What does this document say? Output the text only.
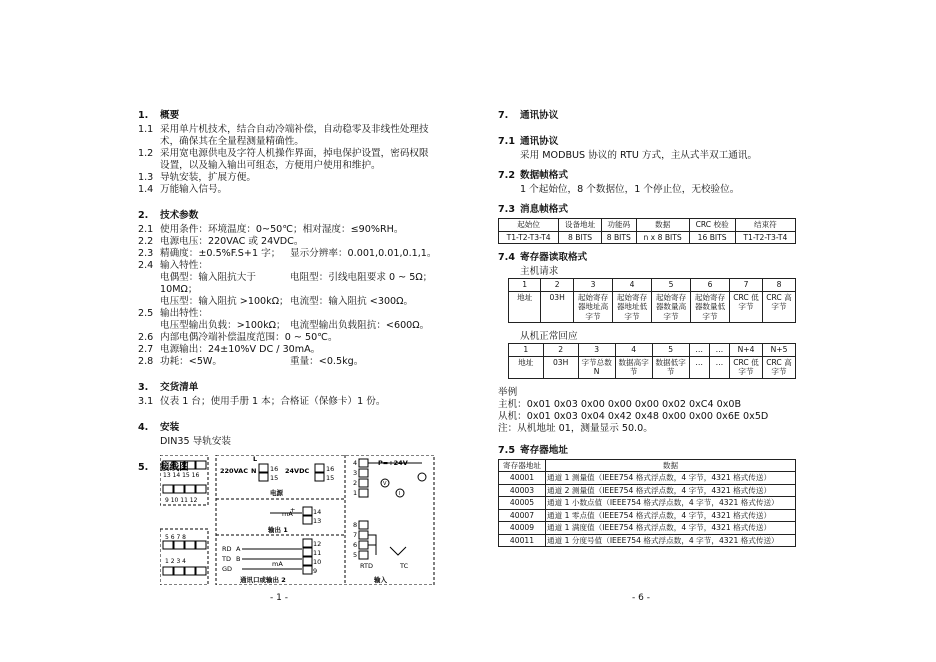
1. 概要
1.1 采用单片机技术，结合自动冷端补偿，自动稳零及非线性处理技术，确保其在全量程测量精确性。
1.2 采用宽电源供电及字符人机操作界面，掉电保护设置，密码权限设置，以及输入输出可组态，方便用户使用和维护。
1.3 导轨安装，扩展方便。
1.4 万能输入信号。
2. 技术参数
2.1 使用条件：环境温度：0~50℃；相对湿度：≤90%RH。
2.2 电源电压：220VAC 或 24VDC。
2.3 精确度：±0.5%F.S+1 字；	显示分辨率：0.001,0.01,0.1,1。
2.4 输入特性：
电偶型：输入阻抗大于 10MΩ；
电阻型：引线电阻要求 0 ~ 5Ω；
电压型：输入阻抗 >100kΩ； 电流型：输入阻抗 <300Ω。
2.5 输出特性：
电压型输出负载：>100kΩ； 电流型输出负载阻抗：<600Ω。
2.6 内部电偶冷端补偿温度范围：0 ~ 50℃。
2.7 电源输出：24±10%V DC / 30mA。
2.8 功耗：<5W。	重量：<0.5kg。
3. 交货清单
3.1 仪表 1 台；使用手册 1 本；合格证（保修卡）1 份。
4. 安装
DIN35 导轨安装
5. 接线图
13 14 15 16
9 10 11 12
5 6 7 8
1 2 3 4
L
220VAC N 16
15
24VDC	16
15
电源
mA
+	14
13
输出 1
RD
TD
GD
A
B
mA
12
11
10
9
通讯口或输出 2
4
3
2
1
P=+24V
V
I
8
7
6
5
RTD	TC
输入
- 1 -
7. 通讯协议
7.1 通讯协议
采用 MODBUS 协议的 RTU 方式，主从式半双工通讯。
7.2 数据帧格式
1 个起始位，8 个数据位，1 个停止位，无校验位。
7.3 消息帧格式
起始位	设备地址	功能码	数据	CRC 校验	结束符
T1-T2-T3-T4	8 BITS	8 BITS	n x 8 BITS	16 BITS	T1-T2-T3-T4
7.4 寄存器读取格式
主机请求
1	2	3	4	5	6	7	8
地址	03H	起始寄存器地址高字节	起始寄存器地址低字节	起始寄存器数量高字节	起始寄存器数量低字节	CRC 低字节	CRC 高字节
从机正常回应
1	2	3	4	5	…	…	N+4	N+5
地址	03H	字节总数 N	数据高字节	数据低字节	…	…	CRC 低字节	CRC 高字节
举例
主机：0x01 0x03 0x00 0x00 0x00 0x02 0xC4 0x0B
从机：0x01 0x03 0x04 0x42 0x48 0x00 0x00 0x6E 0x5D
注：从机地址 01，测量显示 50.0。
7.5 寄存器地址
寄存器地址	数据
40001	通道 1 测量值（IEEE754 格式浮点数，4 字节，4321 格式传送）
40003	通道 2 测量值（IEEE754 格式浮点数，4 字节，4321 格式传送）
40005	通道 1 小数点值（IEEE754 格式浮点数，4 字节，4321 格式传送）
40007	通道 1 零点值（IEEE754 格式浮点数，4 字节，4321 格式传送）
40009	通道 1 满度值（IEEE754 格式浮点数，4 字节，4321 格式传送）
40011	通道 1 分度号值（IEEE754 格式浮点数，4 字节，4321 格式传送）
- 6 -
